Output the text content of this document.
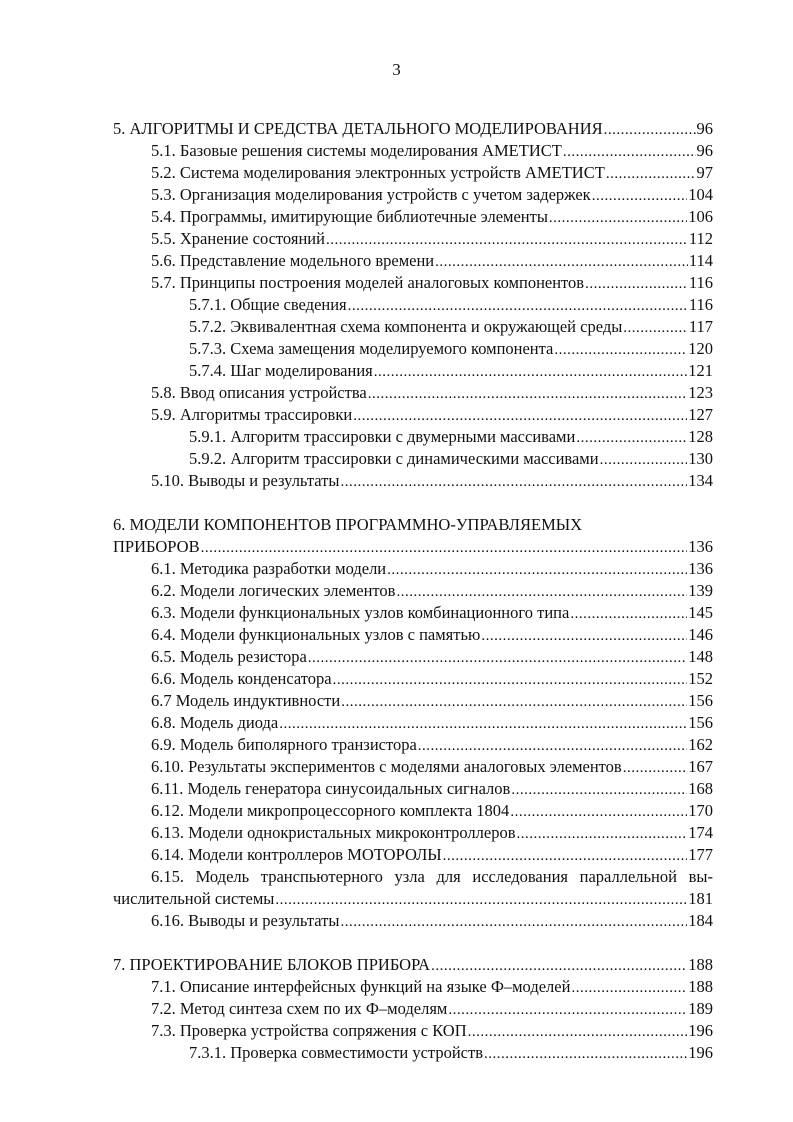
3
5. АЛГОРИТМЫ И СРЕДСТВА ДЕТАЛЬНОГО МОДЕЛИРОВАНИЯ .....	96
5.1. Базовые решения системы моделирования АМЕТИСТ .....	96
5.2. Система моделирования электронных устройств АМЕТИСТ .....	97
5.3. Организация моделирования устройств с учетом задержек .....	104
5.4. Программы, имитирующие библиотечные элементы .....	106
5.5. Хранение состояний .....	112
5.6. Представление модельного времени .....	114
5.7. Принципы построения моделей аналоговых компонентов .....	116
5.7.1. Общие сведения .....	116
5.7.2. Эквивалентная схема компонента и окружающей среды .....	117
5.7.3. Схема замещения моделируемого компонента .....	120
5.7.4. Шаг моделирования .....	121
5.8. Ввод описания устройства .....	123
5.9. Алгоритмы трассировки .....	127
5.9.1. Алгоритм трассировки с двумерными массивами .....	128
5.9.2. Алгоритм трассировки с динамическими массивами .....	130
5.10. Выводы и результаты .....	134
6. МОДЕЛИ КОМПОНЕНТОВ ПРОГРАММНО-УПРАВЛЯЕМЫХ
ПРИБОРОВ .....	136
6.1. Методика разработки модели .....	136
6.2. Модели логических элементов .....	139
6.3. Модели функциональных узлов комбинационного типа .....	145
6.4. Модели функциональных узлов с памятью .....	146
6.5. Модель резистора .....	148
6.6. Модель конденсатора .....	152
6.7 Модель индуктивности .....	156
6.8. Модель диода .....	156
6.9. Модель биполярного транзистора .....	162
6.10. Результаты экспериментов с моделями аналоговых элементов .....	167
6.11. Модель генератора синусоидальных сигналов .....	168
6.12. Модели микропроцессорного комплекта 1804 .....	170
6.13. Модели однокристальных микроконтроллеров .....	174
6.14. Модели контроллеров МОТОРОЛЫ .....	177
6.15. Модель транспьютерного узла для исследования параллельной вы-
числительной системы .....	181
6.16. Выводы и результаты .....	184
7. ПРОЕКТИРОВАНИЕ БЛОКОВ ПРИБОРА .....	188
7.1. Описание интерфейсных функций на языке Ф–моделей .....	188
7.2. Метод синтеза схем по их Ф–моделям .....	189
7.3. Проверка устройства сопряжения с КОП .....	196
7.3.1. Проверка совместимости устройств .....	196
